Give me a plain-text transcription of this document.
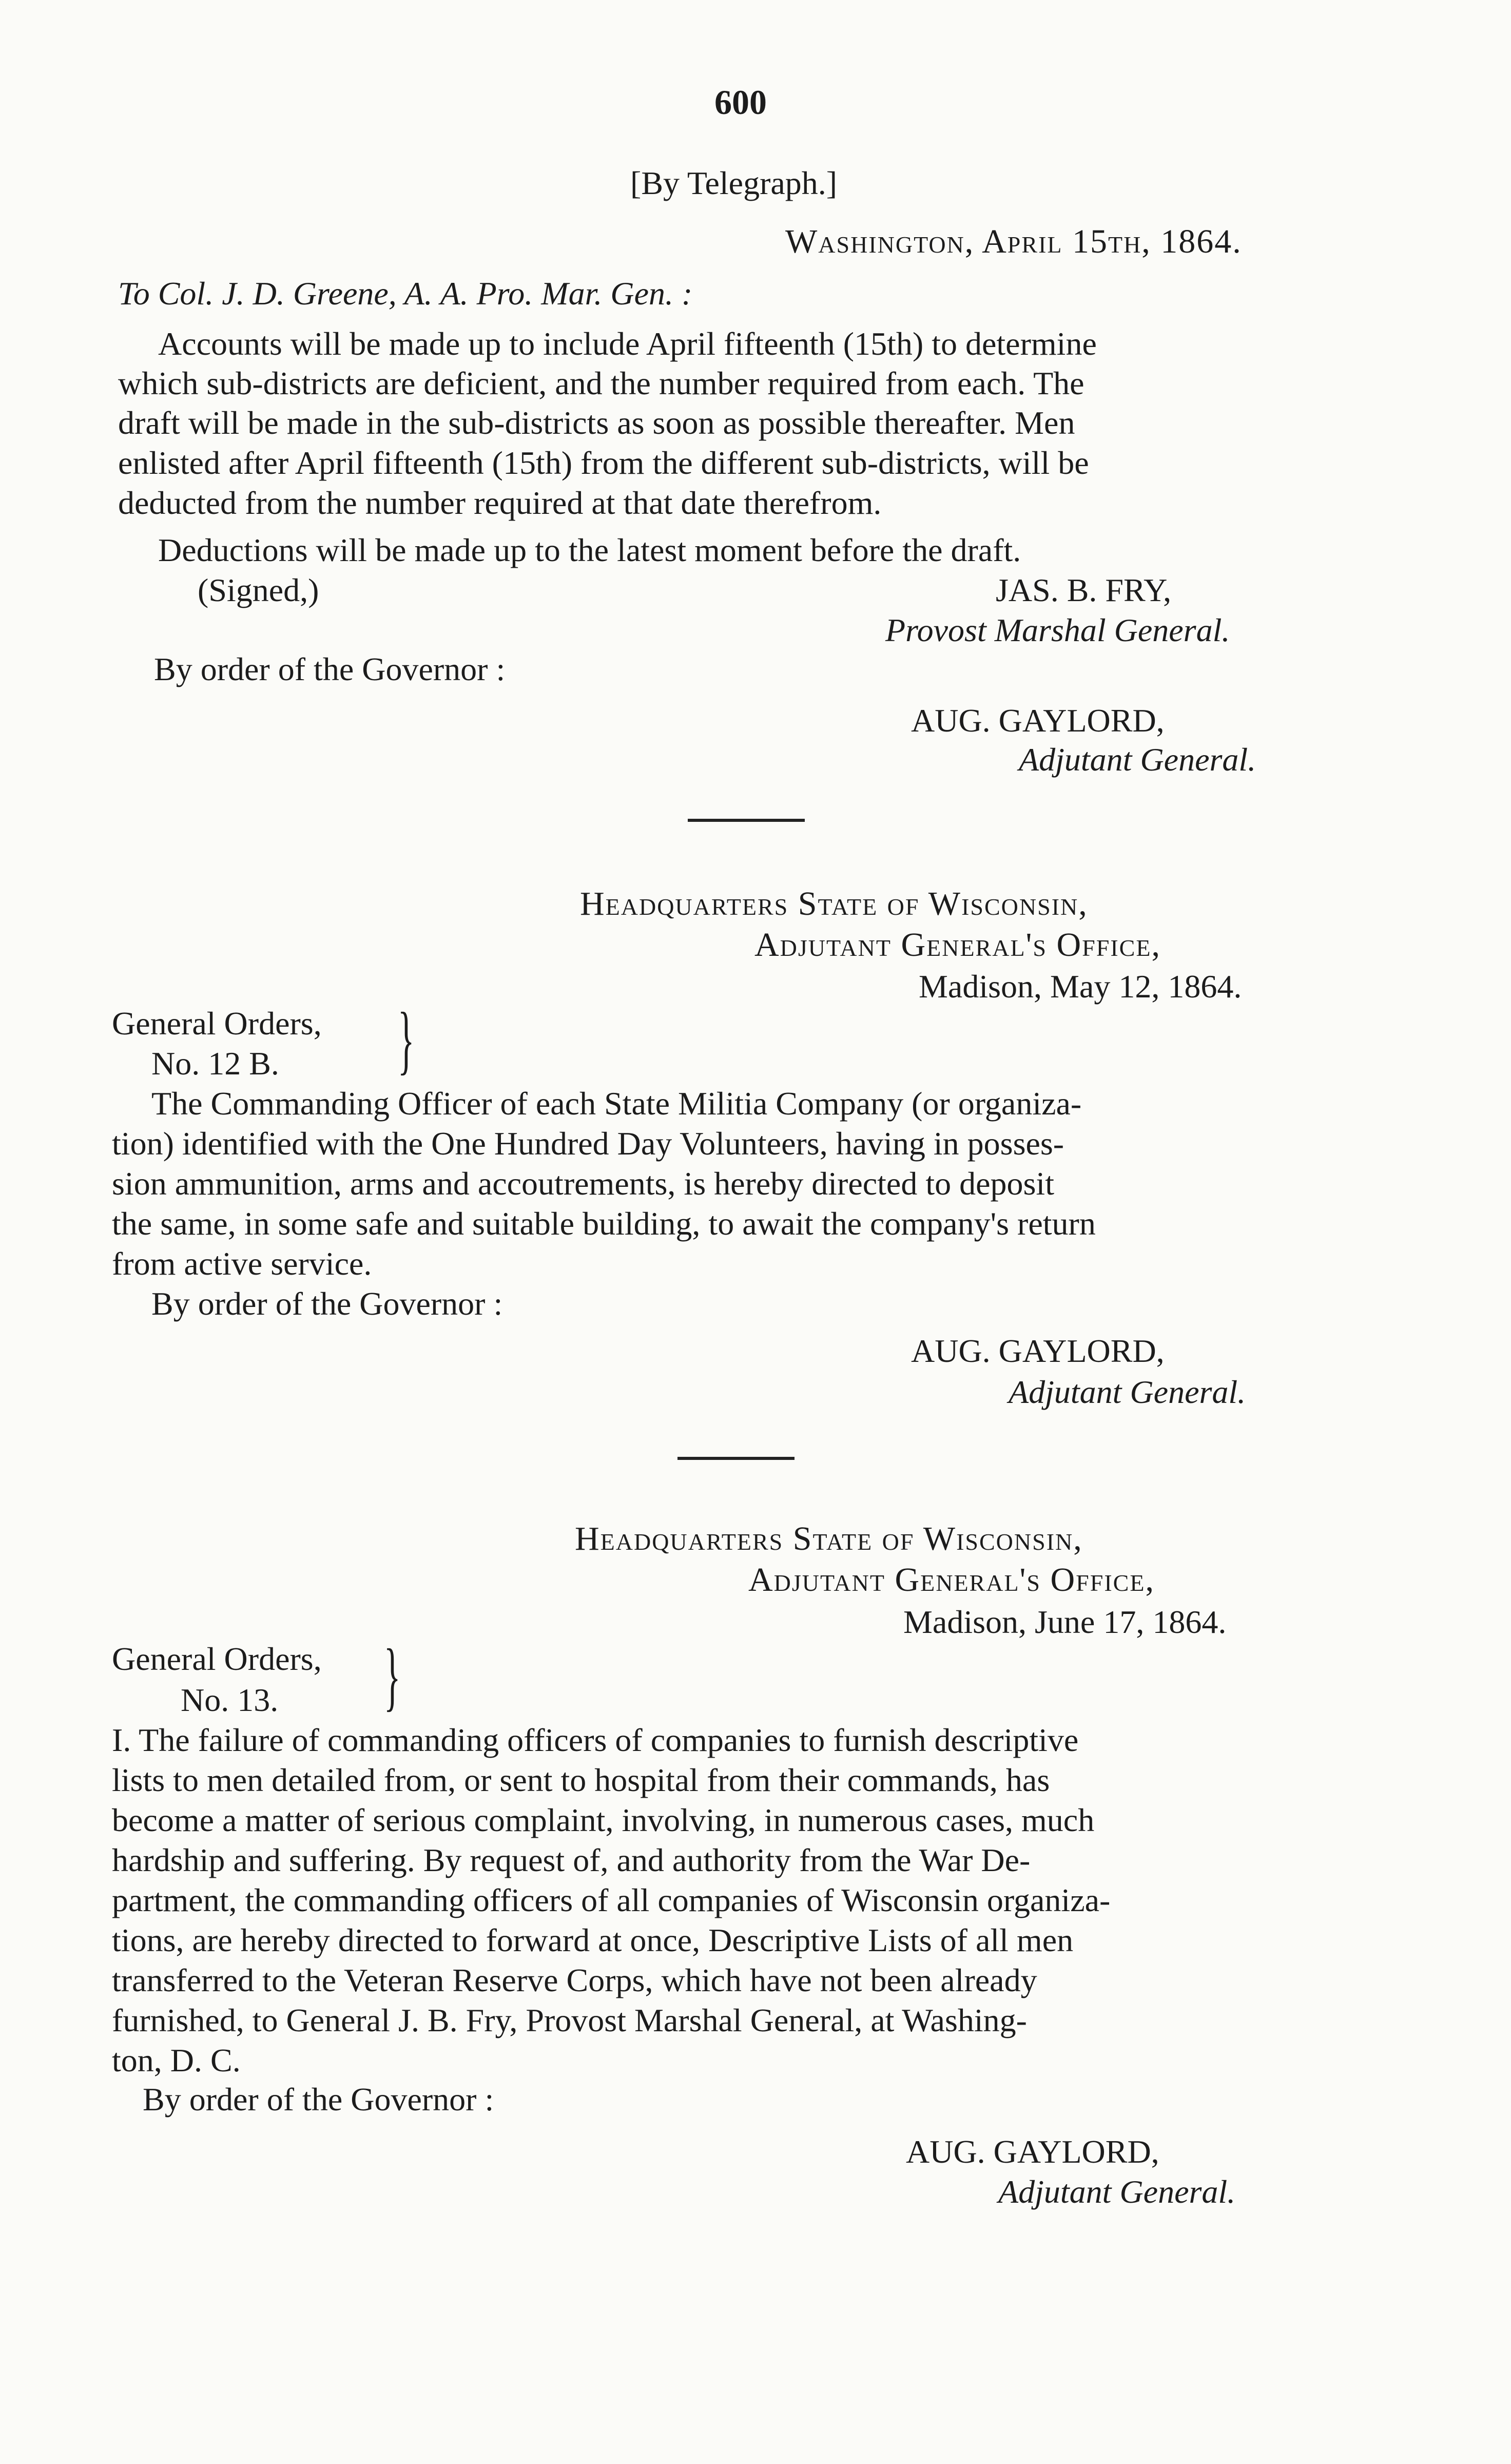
600
[By Telegraph.]
Washington, April 15th, 1864.
To Col. J. D. Greene, A. A. Pro. Mar. Gen. :
Accounts will be made up to include April fifteenth (15th) to determine
which sub-districts are deficient, and the number required from each. The
draft will be made in the sub-districts as soon as possible thereafter. Men
enlisted after April fifteenth (15th) from the different sub-districts, will be
deducted from the number required at that date therefrom.
Deductions will be made up to the latest moment before the draft.
(Signed,)	JAS. B. FRY,
Provost Marshal General.
By order of the Governor :
AUG. GAYLORD,
Adjutant General.
Headquarters State of Wisconsin,
Adjutant General's Office,
Madison, May 12, 1864.
General Orders,
No. 12 B. }
The Commanding Officer of each State Militia Company (or organiza-
tion) identified with the One Hundred Day Volunteers, having in posses-
sion ammunition, arms and accoutrements, is hereby directed to deposit
the same, in some safe and suitable building, to await the company's return
from active service.
By order of the Governor :
AUG. GAYLORD,
Adjutant General.
Headquarters State of Wisconsin,
Adjutant General's Office,
Madison, June 17, 1864.
General Orders,
No. 13. }
I. The failure of commanding officers of companies to furnish descriptive
lists to men detailed from, or sent to hospital from their commands, has
become a matter of serious complaint, involving, in numerous cases, much
hardship and suffering. By request of, and authority from the War De-
partment, the commanding officers of all companies of Wisconsin organiza-
tions, are hereby directed to forward at once, Descriptive Lists of all men
transferred to the Veteran Reserve Corps, which have not been already
furnished, to General J. B. Fry, Provost Marshal General, at Washing-
ton, D. C.
By order of the Governor :
AUG. GAYLORD,
Adjutant General.
